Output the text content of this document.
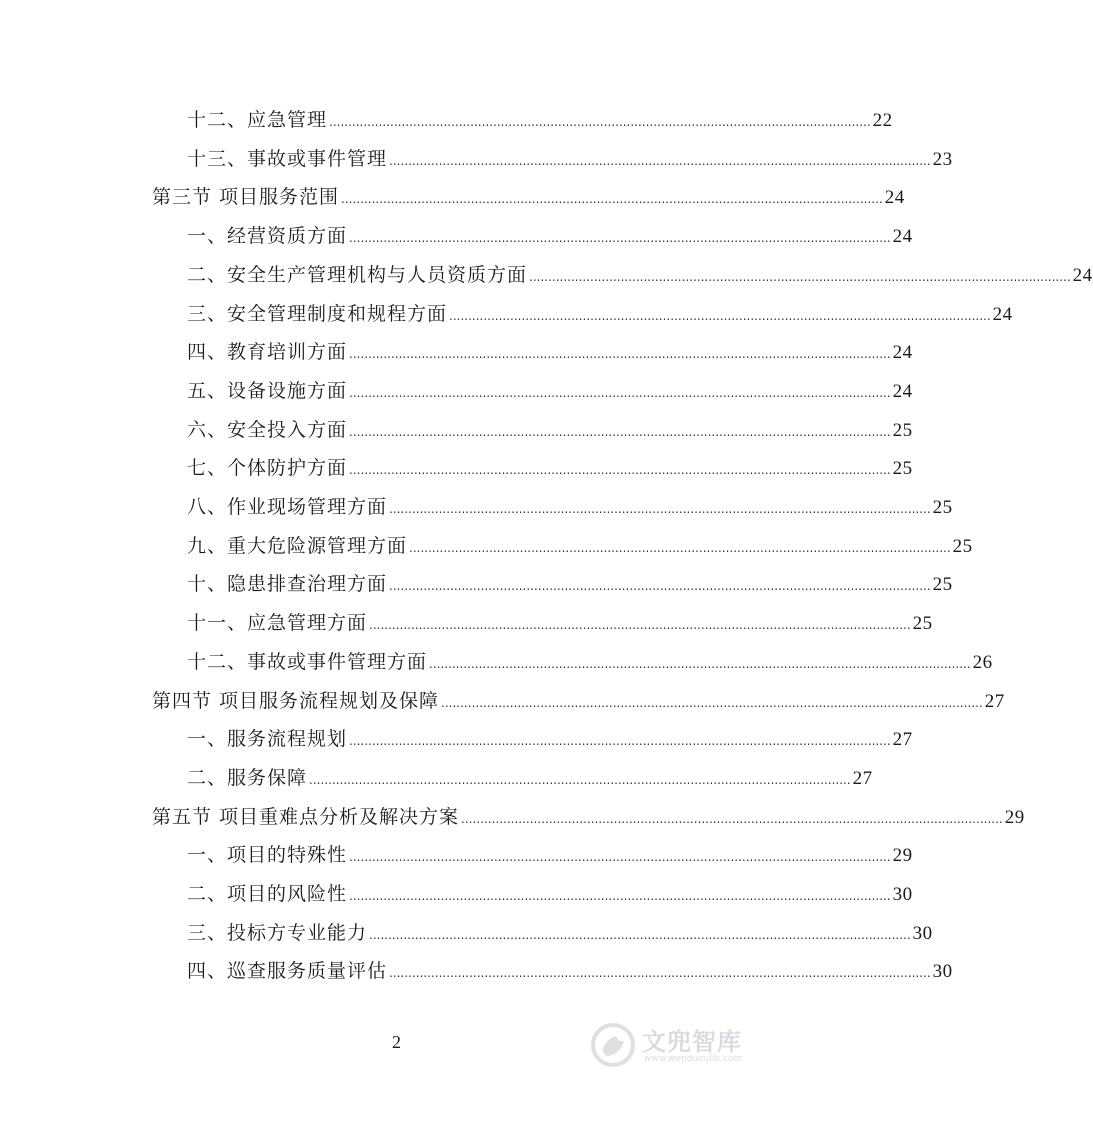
十二、应急管理 .............................................................................................................................................. 22
十三、事故或事件管理 .............................................................................................................................................. 23
第三节 项目服务范围 .............................................................................................................................................. 24
一、经营资质方面 .............................................................................................................................................. 24
二、安全生产管理机构与人员资质方面 .............................................................................................................................................. 24
三、安全管理制度和规程方面 .............................................................................................................................................. 24
四、教育培训方面 .............................................................................................................................................. 24
五、设备设施方面 .............................................................................................................................................. 24
六、安全投入方面 .............................................................................................................................................. 25
七、个体防护方面 .............................................................................................................................................. 25
八、作业现场管理方面 .............................................................................................................................................. 25
九、重大危险源管理方面 .............................................................................................................................................. 25
十、隐患排查治理方面 .............................................................................................................................................. 25
十一、应急管理方面 .............................................................................................................................................. 25
十二、事故或事件管理方面 .............................................................................................................................................. 26
第四节 项目服务流程规划及保障 .............................................................................................................................................. 27
一、服务流程规划 .............................................................................................................................................. 27
二、服务保障 .............................................................................................................................................. 27
第五节 项目重难点分析及解决方案 .............................................................................................................................................. 29
一、项目的特殊性 .............................................................................................................................................. 29
二、项目的风险性 .............................................................................................................................................. 30
三、投标方专业能力 .............................................................................................................................................. 30
四、巡查服务质量评估 .............................................................................................................................................. 30
2	文兜智库
www.wenduoulib.com
